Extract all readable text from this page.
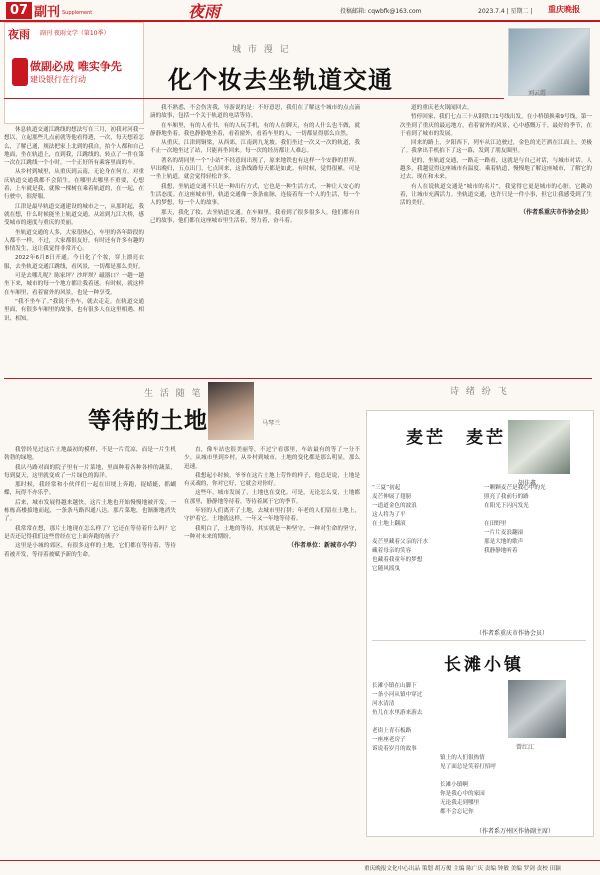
07 副刊 Supplement	夜雨	投稿邮箱: cqwbfk@163.com	2023.7.4 | 星期二 | 重庆晚报
夜雨 副刊 夜雨文学（第10季）
做副必成 唯实争先
建设银行在行动
城 市 漫 记
化个妆去坐轨道交通	刘云霞

休息轨道交通江跳线的想法写在三月，初我对河我一想以，立起那些儿点前就等他看得透，一次，每天想着怎么，了解已通，规法把家上北到的我自，拍个人都和自己地面，坐在轨道上，直到我，江跳线的，转点了一件在第一次在江跳线一个小时，一个正好所有乘客里面的车。

从乡村到城里，从重庆到云南，无论身在何方，对重庆轨道交通我都不会陌生。在哪里去哪里不重要，心想着，上车就是我，就像一棵树在乘着轨道的，在一起，在行驶中，很舒服。

江津是最早轨道交通建设的城市之一，从那时起，我就在想，什么时候能坐上轨道交通。从站到九江大桥，感受城市的速度与重庆的美丽。

坐轨道交通的人多，大家很热心，车里的各年龄段的人都不一样，不过，大家都很友好，有时还有许多有趣的事情发生，这让我觉得非常开心。

2022年6月8日开通。今日化了个妆，穿上漂亮衣服，去坐轨道交通江跳线，看风景，一切都是那么美好。

可是去哪儿呢？陈家坪？沙坪坝？磁器口？一趟一趟坐下来，城市的每一个地方都让我着迷。有时候，就这样在车厢里，看着窗外的风景，也是一种享受。

“我不坐车了。”我说不坐车，就去走走。在轨道交通里面，有很多车厢里的故事，也有很多人在这里相遇、相识、相知。

我不熟悉，不会伤害我，导游说的是：不好意思，我们在了解这个城市的点点滴滴的故事，包括一个关于轨道的电话等待。

在车厢里，有的人看书，有的人玩手机，有的人在聊天，有的人什么也不做，就静静地坐着。我也静静地坐着，看着窗外，看着车里的人，一切都显得那么自然。

从重庆，江津到铜梁，从西郊，江南到九龙坡。我们坐过一次又一次的轨道，我不止一次地坐过了站，只能再坐回来。每一次的经历都让人难忘。

著名的胡同里一个“小站”不经意间出现了，原来地铁也有这样一个安静的世界。早出晚归，五点出门，七点回来，这条线路每天都是如此。有时候，觉得很累，可是一坐上轨道，就会觉得轻松许多。

我想，坐轨道交通不只是一种出行方式，它也是一种生活方式，一种让人安心的生活态度。在这座城市里，轨道交通像一条条血脉，连接着每一个人的生活，每一个人的梦想，每一个人的故事。

那天，我化了妆，去坐轨道交通。在车厢里，我看到了很多很多人，他们都有自己的故事，他们都在这座城市里生活着，努力着，奋斗着。

道的重庆老火锅闻回去。

暂停回家，我们七点三十从钢铁口1号线出发，在小桥镇换乘9号线，第一次坐到了重庆的最远地方，看着窗外的风景，心中感慨万千。最好的季节，在于看到了城市的发展。

回来的路上，夕阳西下，列车从江边驶过，金色的光芒洒在江面上，美极了。我拿出手机拍下了这一幕，发到了朋友圈里。

是的，坐轨道交通，一路走一路看，这就是与自己对话，与城市对话。人越多，我越觉得这座城市有温度。乘着轨道，慢慢地了解这座城市，了解它的过去、现在和未来。

有人在说轨道交通是“城市的名片”，我觉得它更是城市的心脏。它跳动着，让城市充满活力。坐轨道交通，也许只是一件小事，但它让我感受到了生活的美好。

（作者系重庆市作协会员）

生 活 随 笔
等待的土地	马琴兰

我曾经见过这片土地最初的模样，不是一片荒凉，而是一片生机勃勃的绿地。

我认马路对面的院子里有一片菜地，里面种着各种各样的蔬菜，每到夏天，这里就变成了一片绿色的海洋。

那时候，我经常和小伙伴们一起在田埂上奔跑，捉蜻蜓，抓蝴蝶，玩得不亦乐乎。

后来，城市发展得越来越快，这片土地也开始慢慢地被开发。一栋栋高楼拔地而起，一条条马路四通八达。那片菜地，也渐渐地消失了。

我常常在想，那片土地现在怎么样了？它还在等待着什么吗？它是否还记得我们这些曾经在它上面奔跑的孩子？

这里是小城的郊区，有很多这样的土地，它们都在等待着，等待着被开发，等待着被赋予新的生命。

直，像车站也很美丽等，不过宁看那里，车站最有的等了一分不少。从城市里到乡村，从乡村到城市，土地的变化都是那么明显，那么迅速。

我想起小时候，爷爷在这片土地上劳作的样子，他总是说，土地是有灵魂的，你对它好，它就会对你好。

这些年，城市发展了，土地也在变化。可是，无论怎么变，土地都在那里，静静地等待着，等待着属于它的季节。

年轻的人们离开了土地，去城市里打拼；年老的人们留在土地上，守护着它。土地就这样，一年又一年地等待着。

我明白了，土地的等待，其实就是一种坚守，一种对生命的坚守，一种对未来的期盼。

（作者单位：新城市小学）

诗 绪 纷 飞
麦芒　麦芒
胡佳鑫
“三夏”初起
麦芒伸展了翅膀
一道道金色的波浪
这人将为了平
在土地上翻滚

麦芒里藏着父亲的汗水
藏着母亲的笑容
也藏着我童年的梦想
它随风摇曳
一颗颗麦芒是我心中的光
照亮了我前行的路
在阳光下闪闪发光

在田野里
一片片麦浪翻滚
那是大地的歌声
我静静地听着
（作者系重庆市作协会员）
长滩小镇
长滩小镇在山脚下
一条小河从镇中穿过
河水清清
鱼儿在水里游来游去

老街上青石板路
一座座老房子
诉说着岁月的故事	曾红江
镇上的人们很热情
见了面总是笑着打招呼

长滩小镇啊
你是我心中的家园
无论我走到哪里
都不会忘记你
（作者系万州区作协副主席）
重庆晚报文化中心出品 策划 胡万俊 主编 陈广庆 责编 钟敏 美编 罗剑 责校 田颖
